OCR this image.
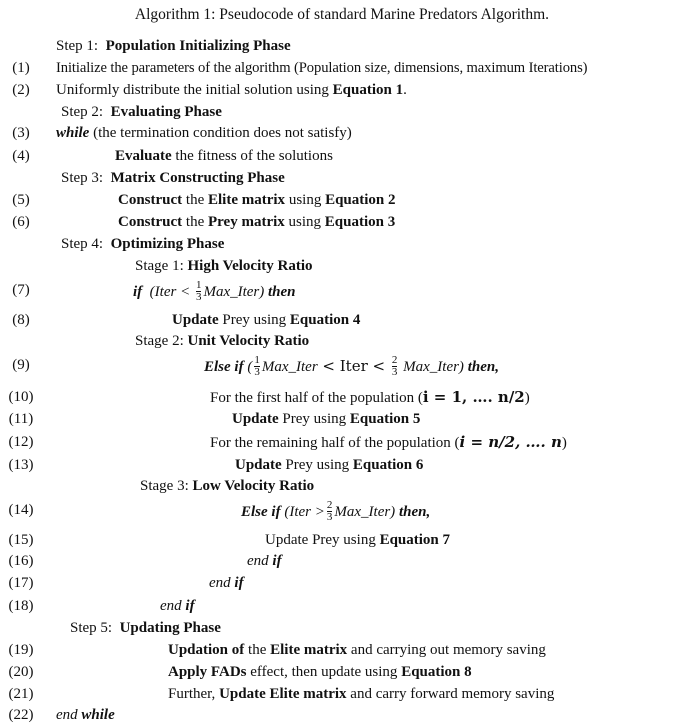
Algorithm 1: Pseudocode of standard Marine Predators Algorithm.
Step 1: Population Initializing Phase
(1)	Initialize the parameters of the algorithm (Population size, dimensions, maximum Iterations)
(2)	Uniformly distribute the initial solution using Equation 1.
Step 2: Evaluating Phase
(3)	while (the termination condition does not satisfy)
(4)	Evaluate the fitness of the solutions
Step 3: Matrix Constructing Phase
(5)	Construct the Elite matrix using Equation 2
(6)	Construct the Prey matrix using Equation 3
Step 4: Optimizing Phase
Stage 1: High Velocity Ratio
(7)	if (Iter < $\frac{1}{3}$ Max_Iter) then
(8)	Update Prey using Equation 4
Stage 2: Unit Velocity Ratio
(9)	Else if ( $\frac{1}{3}$ Max_Iter < Iter < $\frac{2}{3}$ Max_Iter) then,
(10)	For the first half of the population (i = 1, …. n/2)
(11)	Update Prey using Equation 5
(12)	For the remaining half of the population (i = n/2, …. n)
(13)	Update Prey using Equation 6
Stage 3: Low Velocity Ratio
(14)	Else if (Iter > $\frac{2}{3}$ Max_Iter) then,
(15)	Update Prey using Equation 7
(16)	end if
(17)	end if
(18)	end if
Step 5: Updating Phase
(19)	Updation of the Elite matrix and carrying out memory saving
(20)	Apply FADs effect, then update using Equation 8
(21)	Further, Update Elite matrix and carry forward memory saving
(22)	end while
